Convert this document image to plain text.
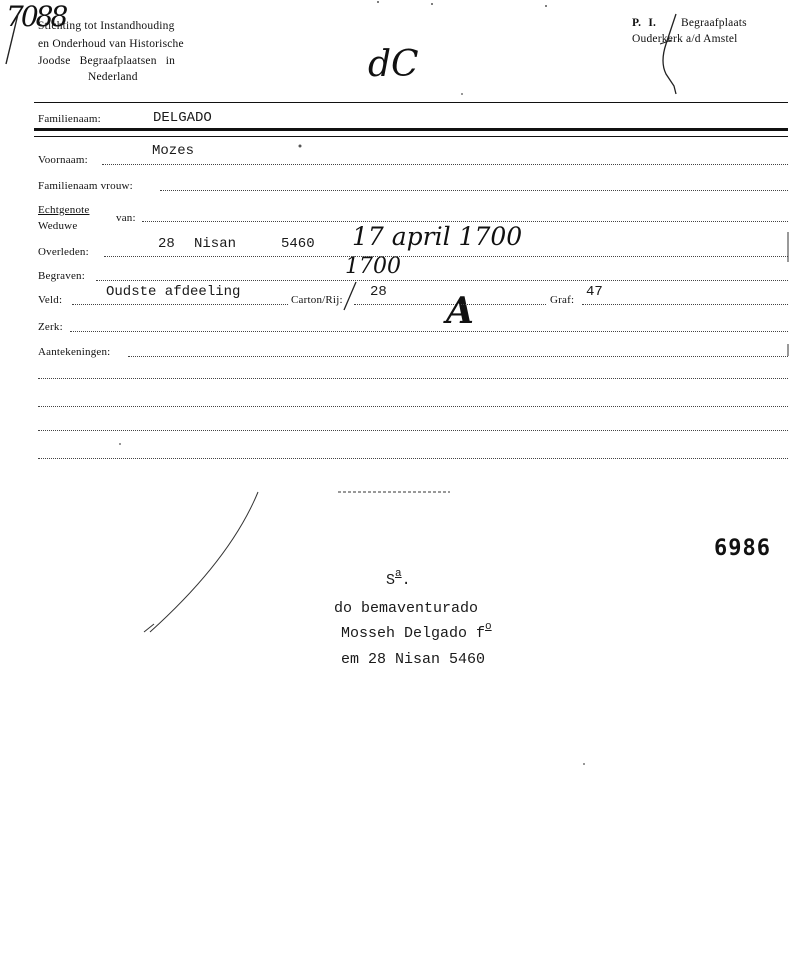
Stichting tot Instandhouding
en Onderhoud van Historische
Joodse Begraafplaatsen in
Nederland
P. I. Begraafplaats
Ouderkerk a/d Amstel
7088
dC
17 april 1700
1700
A
Familienaam:	DELGADO
Voornaam:
Mozes
Familienaam vrouw:
Echtgenote
Weduwe
van:
Overleden:	28 Nisan	5460
Begraven:
Veld:	Oudste afdeeling	Carton/Rij: 28	Graf: 47
Zerk:
Aantekeningen:
6986
$S^a$.
do bemaventurado
Mosseh Delgado $f^o$
em 28 Nisan 5460
